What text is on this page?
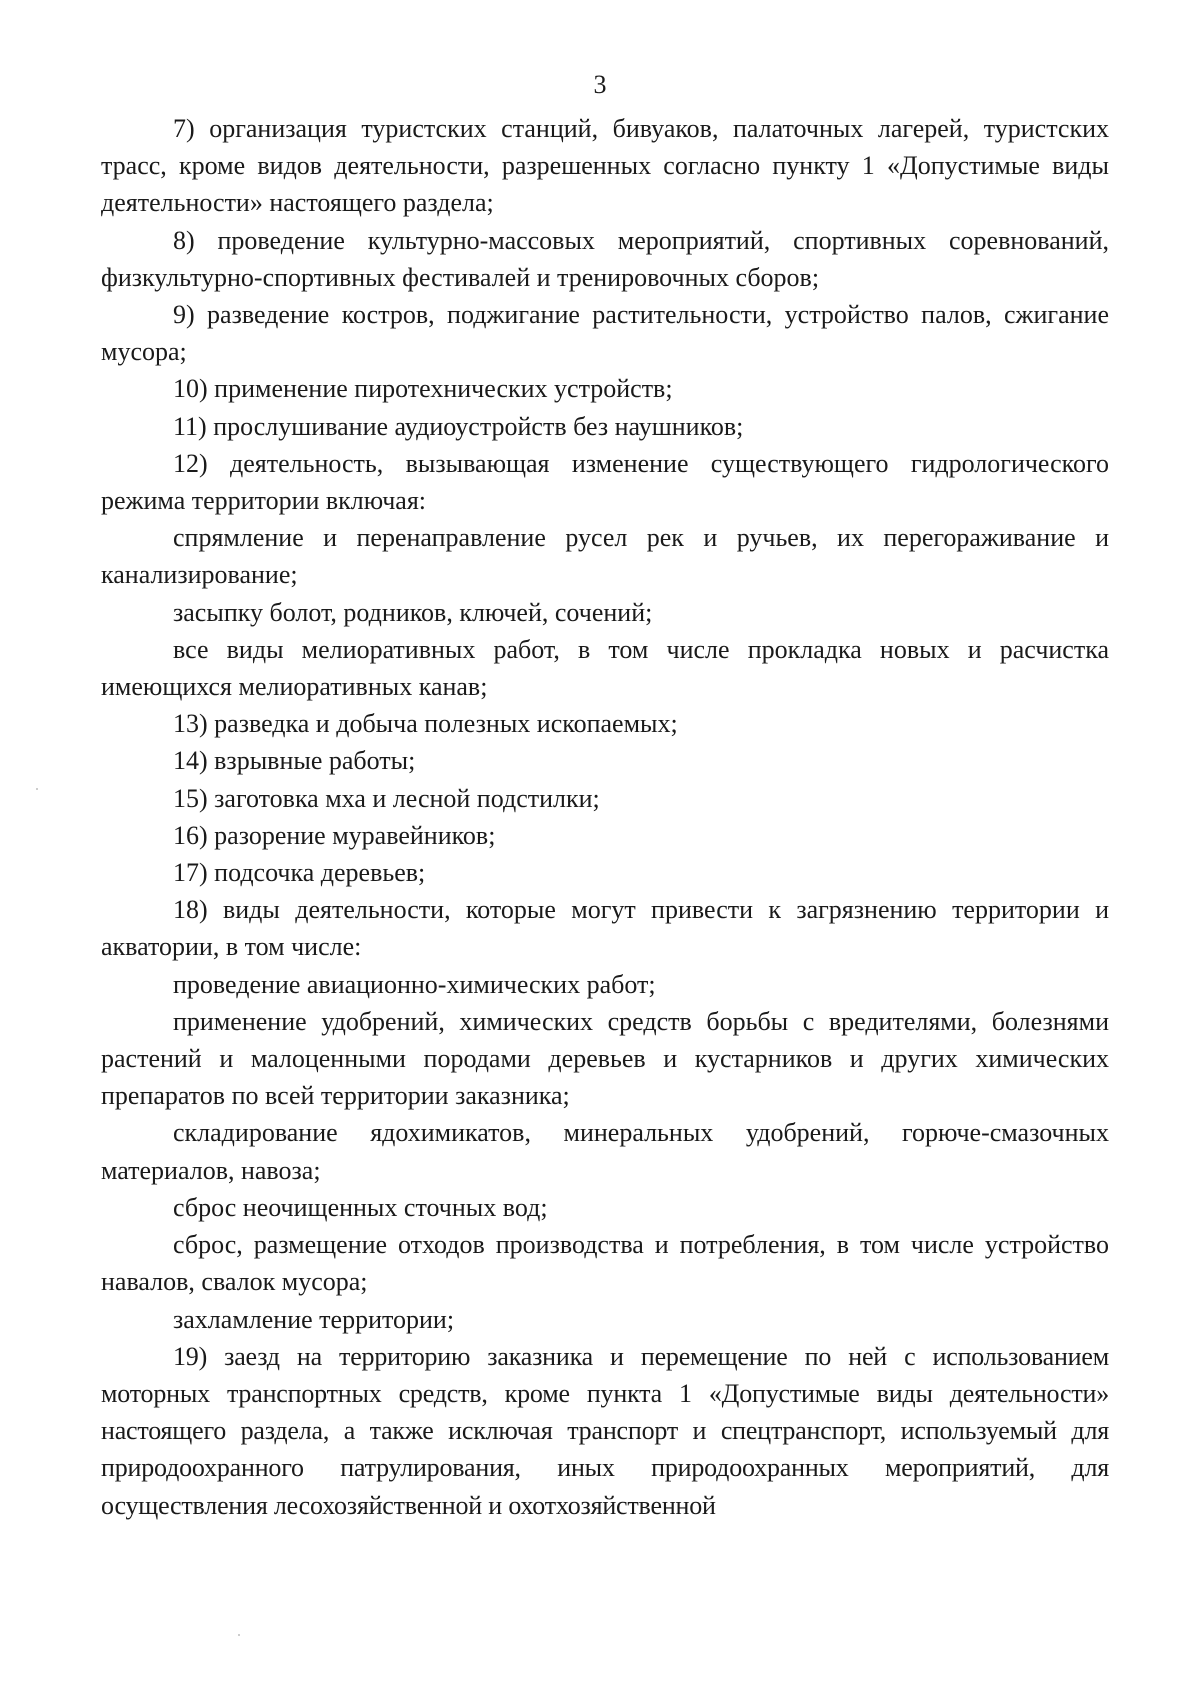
3

7) организация туристских станций, бивуаков, палаточных лагерей, туристских трасс, кроме видов деятельности, разрешенных согласно пункту 1 «Допустимые виды деятельности» настоящего раздела;

8) проведение культурно-массовых мероприятий, спортивных соревнований, физкультурно-спортивных фестивалей и тренировочных сборов;

9) разведение костров, поджигание растительности, устройство палов, сжигание мусора;

10) применение пиротехнических устройств;

11) прослушивание аудиоустройств без наушников;

12) деятельность, вызывающая изменение существующего гидрологического режима территории включая:

спрямление и перенаправление русел рек и ручьев, их перегораживание и канализирование;

засыпку болот, родников, ключей, сочений;

все виды мелиоративных работ, в том числе прокладка новых и расчистка имеющихся мелиоративных канав;

13) разведка и добыча полезных ископаемых;

14) взрывные работы;

15) заготовка мха и лесной подстилки;

16) разорение муравейников;

17) подсочка деревьев;

18) виды деятельности, которые могут привести к загрязнению территории и акватории, в том числе:

проведение авиационно-химических работ;

применение удобрений, химических средств борьбы с вредителями, болезнями растений и малоценными породами деревьев и кустарников и других химических препаратов по всей территории заказника;

складирование ядохимикатов, минеральных удобрений, горюче-смазочных материалов, навоза;

сброс неочищенных сточных вод;

сброс, размещение отходов производства и потребления, в том числе устройство навалов, свалок мусора;

захламление территории;

19) заезд на территорию заказника и перемещение по ней с использованием моторных транспортных средств, кроме пункта 1 «Допустимые виды деятельности» настоящего раздела, а также исключая транспорт и спецтранспорт, используемый для природоохранного патрулирования, иных природоохранных мероприятий, для осуществления лесохозяйственной и охотхозяйственной
